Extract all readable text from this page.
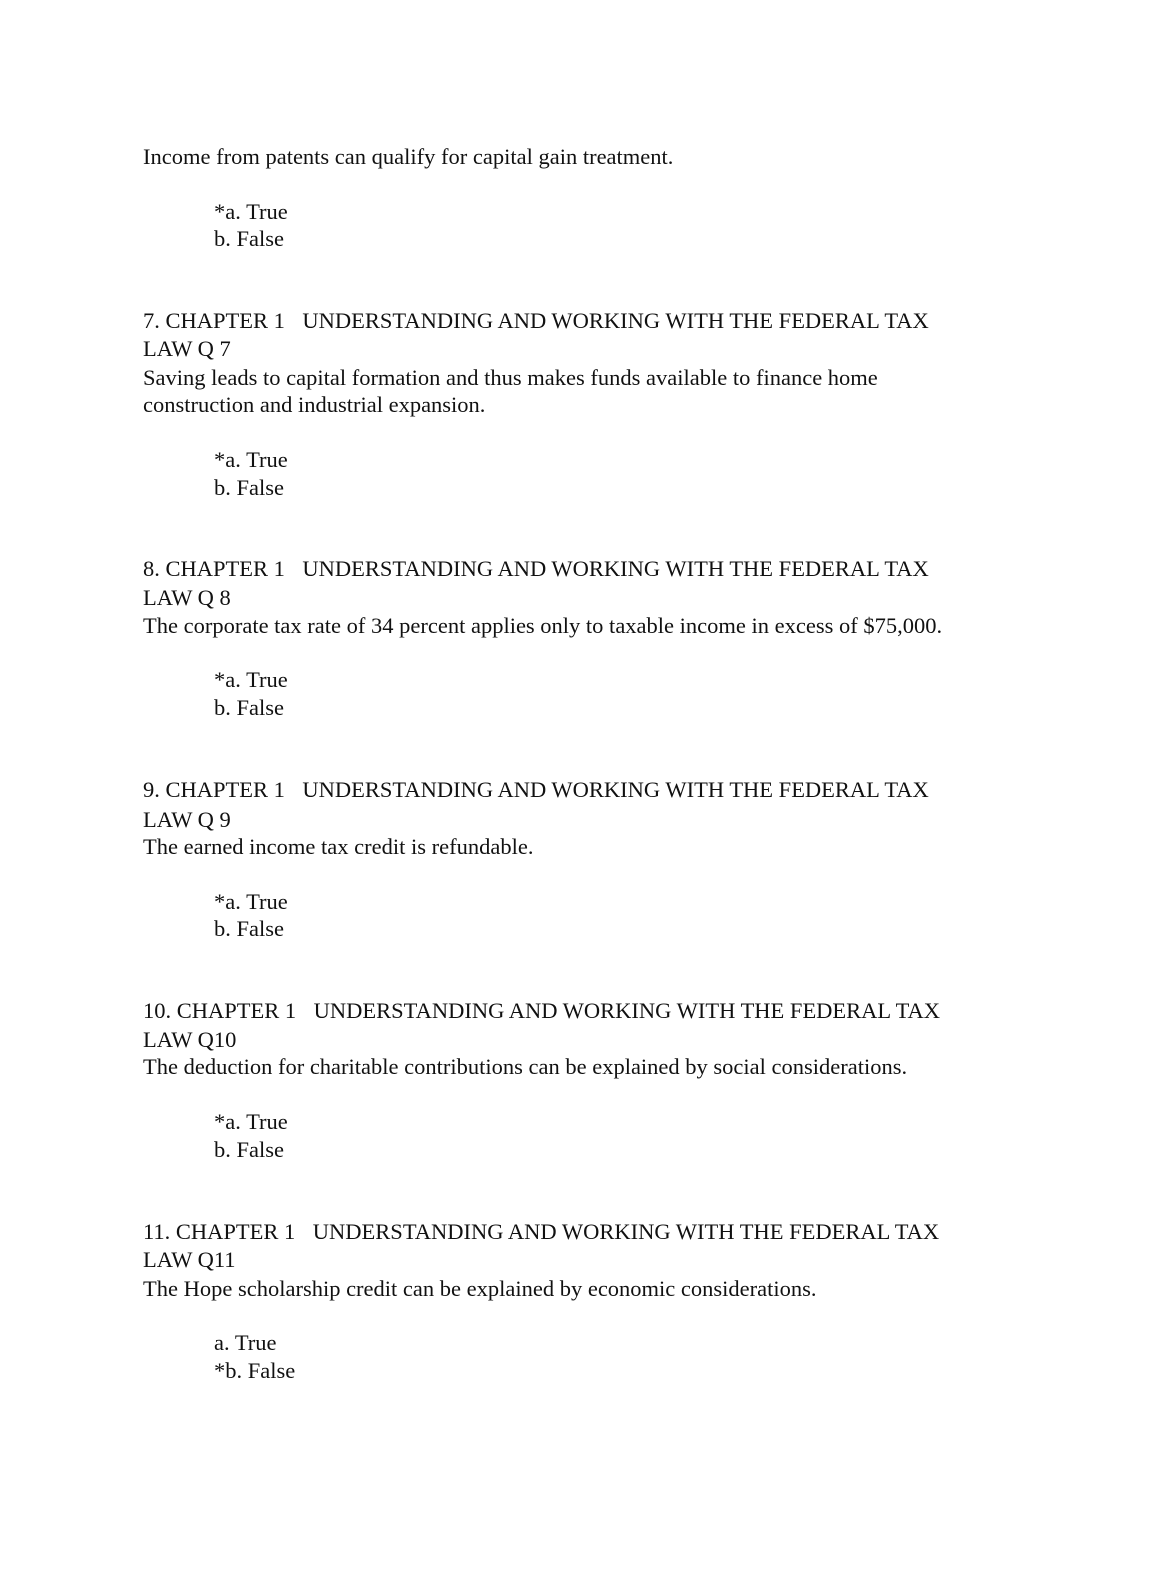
Income from patents can qualify for capital gain treatment.
*a. True
b. False
7. CHAPTER 1 UNDERSTANDING AND WORKING WITH THE FEDERAL TAX
LAW Q 7
Saving leads to capital formation and thus makes funds available to finance home
construction and industrial expansion.
*a. True
b. False
8. CHAPTER 1 UNDERSTANDING AND WORKING WITH THE FEDERAL TAX
LAW Q 8
The corporate tax rate of 34 percent applies only to taxable income in excess of $75,000.
*a. True
b. False
9. CHAPTER 1 UNDERSTANDING AND WORKING WITH THE FEDERAL TAX
LAW Q 9
The earned income tax credit is refundable.
*a. True
b. False
10. CHAPTER 1 UNDERSTANDING AND WORKING WITH THE FEDERAL TAX
LAW Q10
The deduction for charitable contributions can be explained by social considerations.
*a. True
b. False
11. CHAPTER 1 UNDERSTANDING AND WORKING WITH THE FEDERAL TAX
LAW Q11
The Hope scholarship credit can be explained by economic considerations.
a. True
*b. False
